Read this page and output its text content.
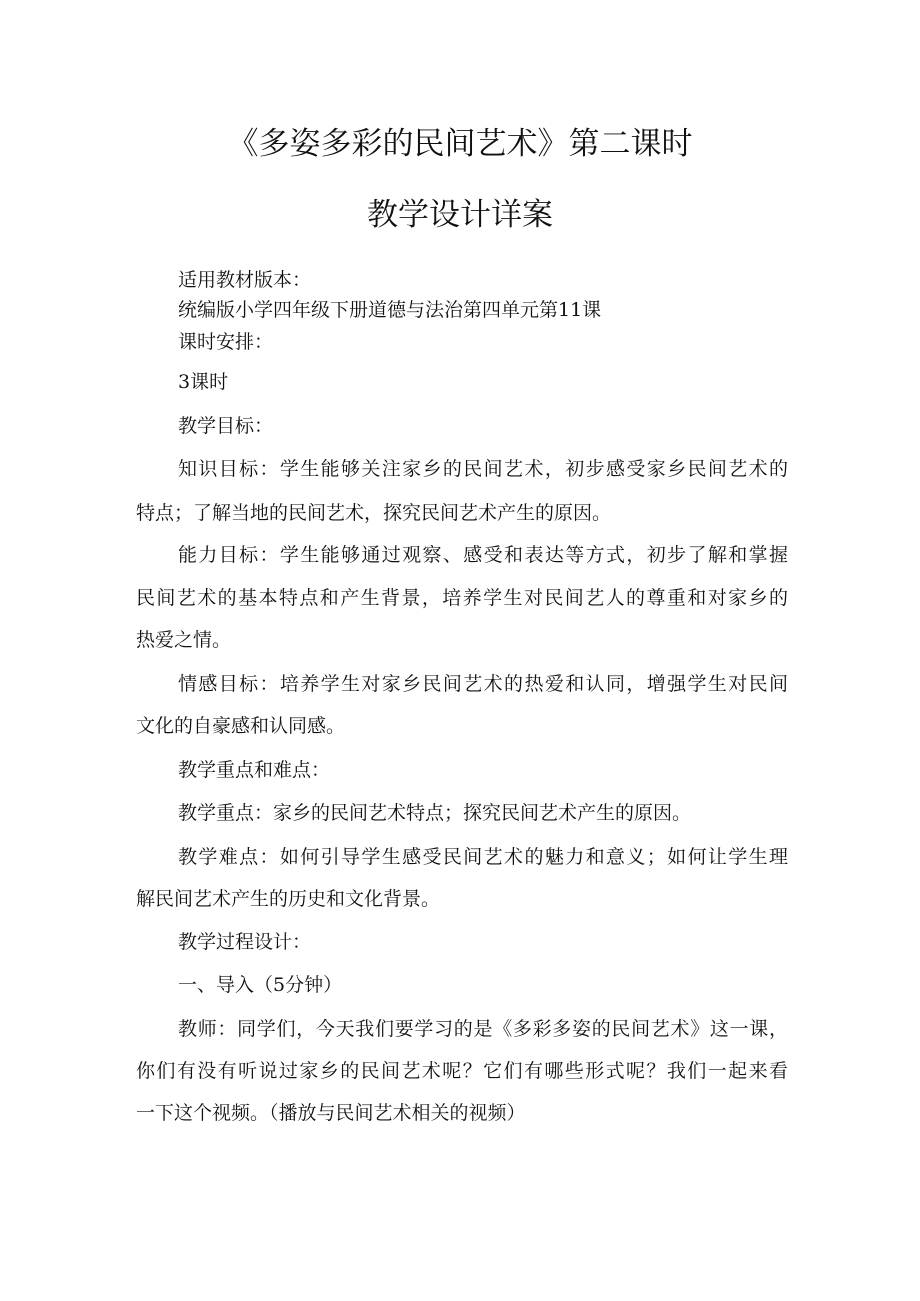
《多姿多彩的民间艺术》第二课时
教学设计详案
适用教材版本：
统编版小学四年级下册道德与法治第四单元第11课
课时安排：
3课时
教学目标：
知识目标：学生能够关注家乡的民间艺术，初步感受家乡民间艺术的
特点；了解当地的民间艺术，探究民间艺术产生的原因。
能力目标：学生能够通过观察、感受和表达等方式，初步了解和掌握
民间艺术的基本特点和产生背景，培养学生对民间艺人的尊重和对家乡的
热爱之情。
情感目标：培养学生对家乡民间艺术的热爱和认同，增强学生对民间
文化的自豪感和认同感。
教学重点和难点：
教学重点：家乡的民间艺术特点；探究民间艺术产生的原因。
教学难点：如何引导学生感受民间艺术的魅力和意义；如何让学生理
解民间艺术产生的历史和文化背景。
教学过程设计：
一、导入（5分钟）
教师：同学们，今天我们要学习的是《多彩多姿的民间艺术》这一课，
你们有没有听说过家乡的民间艺术呢？它们有哪些形式呢？我们一起来看
一下这个视频。（播放与民间艺术相关的视频）
